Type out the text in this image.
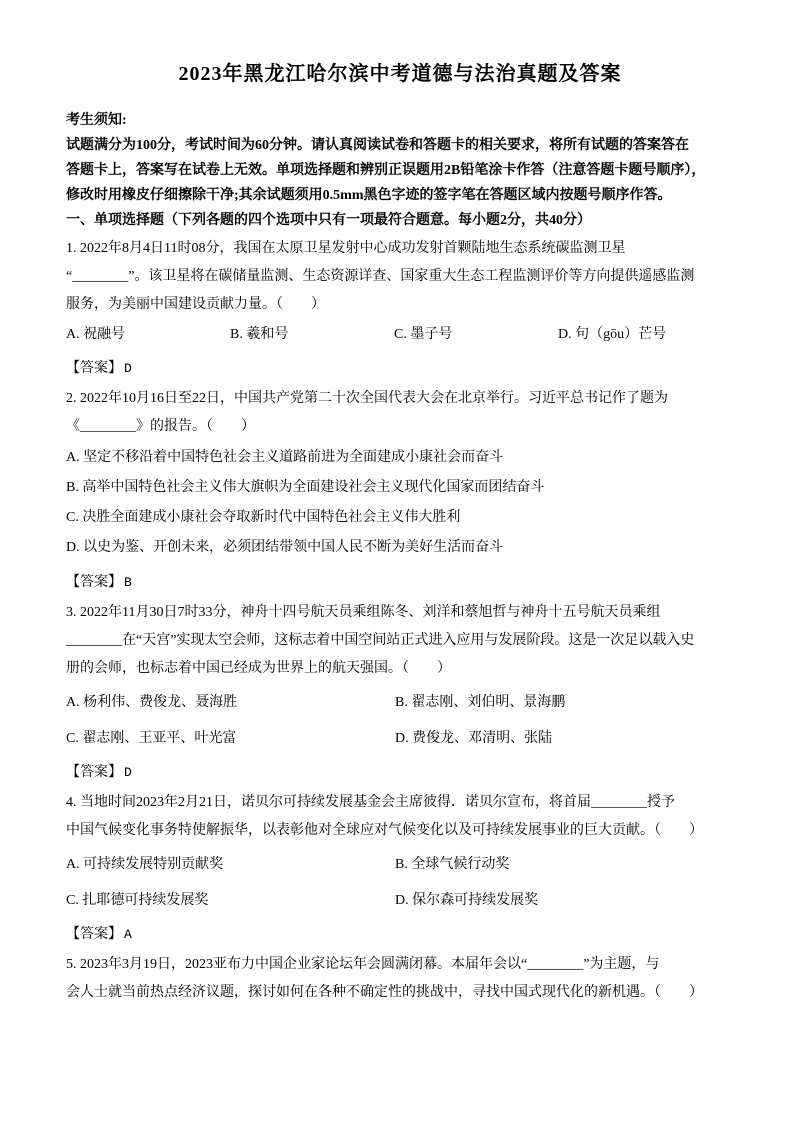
2023年黑龙江哈尔滨中考道德与法治真题及答案
考生须知:
试题满分为100分，考试时间为60分钟。请认真阅读试卷和答题卡的相关要求，将所有试题的答案答在
答题卡上，答案写在试卷上无效。单项选择题和辨别正误题用2B铅笔涂卡作答（注意答题卡题号顺序），
修改时用橡皮仔细擦除干净;其余试题须用0.5mm黑色字迹的签字笔在答题区域内按题号顺序作答。
一、单项选择题（下列各题的四个选项中只有一项最符合题意。每小题2分，共40分）
1. 2022年8月4日11时08分，我国在太原卫星发射中心成功发射首颗陆地生态系统碳监测卫星
“________”。该卫星将在碳储量监测、生态资源详查、国家重大生态工程监测评价等方向提供遥感监测
服务，为美丽中国建设贡献力量。（　　）
A. 祝融号	B. 羲和号	C. 墨子号	D. 句（gōu）芒号
【答案】 D
2. 2022年10月16日至22日，中国共产党第二十次全国代表大会在北京举行。习近平总书记作了题为
《________》的报告。（　　）
A. 坚定不移沿着中国特色社会主义道路前进为全面建成小康社会而奋斗
B. 高举中国特色社会主义伟大旗帜为全面建设社会主义现代化国家而团结奋斗
C. 决胜全面建成小康社会夺取新时代中国特色社会主义伟大胜利
D. 以史为鉴、开创未来，必须团结带领中国人民不断为美好生活而奋斗
【答案】 B
3. 2022年11月30日7时33分，神舟十四号航天员乘组陈冬、刘洋和蔡旭哲与神舟十五号航天员乘组
________在“天宫”实现太空会师，这标志着中国空间站正式进入应用与发展阶段。这是一次足以载入史
册的会师，也标志着中国已经成为世界上的航天强国。（　　）
A. 杨利伟、费俊龙、聂海胜	B. 翟志刚、刘伯明、景海鹏
C. 翟志刚、王亚平、叶光富	D. 费俊龙、邓清明、张陆
【答案】 D
4. 当地时间2023年2月21日，诺贝尔可持续发展基金会主席彼得．诺贝尔宣布，将首届________授予
中国气候变化事务特使解振华，以表彰他对全球应对气候变化以及可持续发展事业的巨大贡献。（　　）
A. 可持续发展特别贡献奖	B. 全球气候行动奖
C. 扎耶德可持续发展奖	D. 保尔森可持续发展奖
【答案】 A
5. 2023年3月19日，2023亚布力中国企业家论坛年会圆满闭幕。本届年会以“________”为主题，与
会人士就当前热点经济议题，探讨如何在各种不确定性的挑战中，寻找中国式现代化的新机遇。（　　）
